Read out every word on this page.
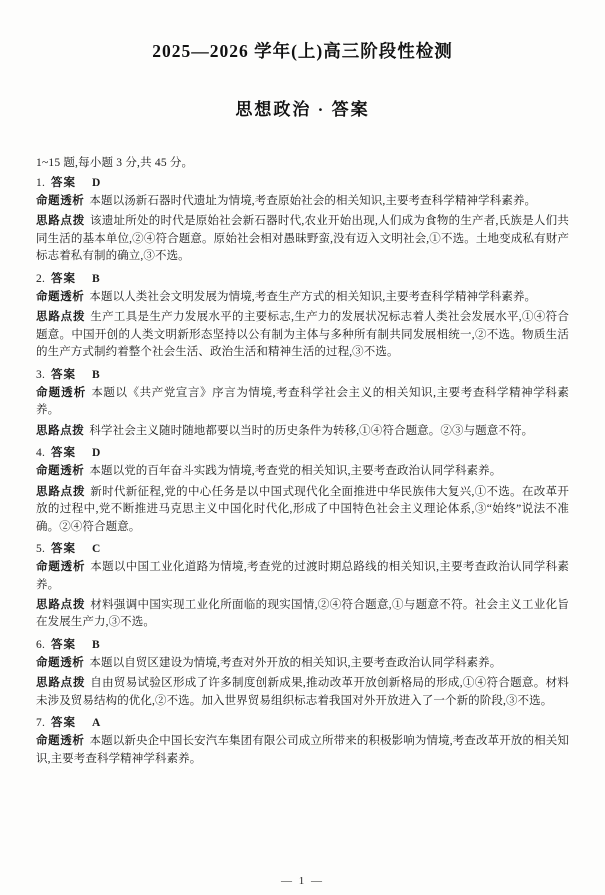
2025—2026 学年(上)高三阶段性检测
思想政治 · 答案
1~15 题,每小题 3 分,共 45 分。
1. 答案 D
命题透析 本题以汤新石器时代遗址为情境,考查原始社会的相关知识,主要考查科学精神学科素养。
思路点拨 该遗址所处的时代是原始社会新石器时代,农业开始出现,人们成为食物的生产者,氏族是人们共同生活的基本单位,②④符合题意。原始社会相对愚昧野蛮,没有迈入文明社会,①不选。土地变成私有财产标志着私有制的确立,③不选。
2. 答案 B
命题透析 本题以人类社会文明发展为情境,考查生产方式的相关知识,主要考查科学精神学科素养。
思路点拨 生产工具是生产力发展水平的主要标志,生产力的发展状况标志着人类社会发展水平,①④符合题意。中国开创的人类文明新形态坚持以公有制为主体与多种所有制共同发展相统一,②不选。物质生活的生产方式制约着整个社会生活、政治生活和精神生活的过程,③不选。
3. 答案 B
命题透析 本题以《共产党宣言》序言为情境,考查科学社会主义的相关知识,主要考查科学精神学科素养。
思路点拨 科学社会主义随时随地都要以当时的历史条件为转移,①④符合题意。②③与题意不符。
4. 答案 D
命题透析 本题以党的百年奋斗实践为情境,考查党的相关知识,主要考查政治认同学科素养。
思路点拨 新时代新征程,党的中心任务是以中国式现代化全面推进中华民族伟大复兴,①不选。在改革开放的过程中,党不断推进马克思主义中国化时代化,形成了中国特色社会主义理论体系,③“始终”说法不准确。②④符合题意。
5. 答案 C
命题透析 本题以中国工业化道路为情境,考查党的过渡时期总路线的相关知识,主要考查政治认同学科素养。
思路点拨 材料强调中国实现工业化所面临的现实国情,②④符合题意,①与题意不符。社会主义工业化旨在发展生产力,③不选。
6. 答案 B
命题透析 本题以自贸区建设为情境,考查对外开放的相关知识,主要考查政治认同学科素养。
思路点拨 自由贸易试验区形成了许多制度创新成果,推动改革开放创新格局的形成,①④符合题意。材料未涉及贸易结构的优化,②不选。加入世界贸易组织标志着我国对外开放进入了一个新的阶段,③不选。
7. 答案 A
命题透析 本题以新央企中国长安汽车集团有限公司成立所带来的积极影响为情境,考查改革开放的相关知识,主要考查科学精神学科素养。
— 1 —
